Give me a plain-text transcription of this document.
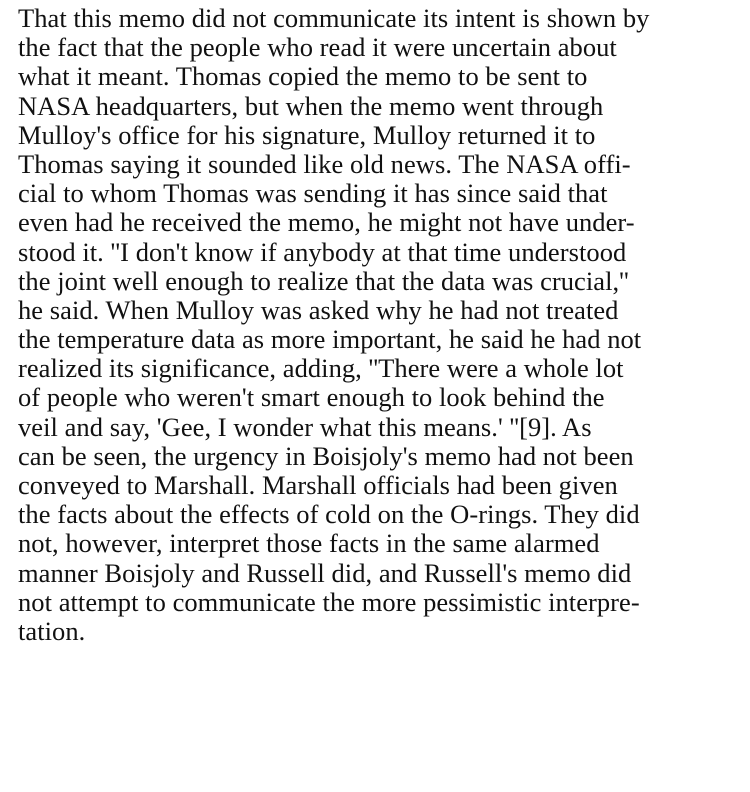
That this memo did not communicate its intent is shown by
the fact that the people who read it were uncertain about
what it meant. Thomas copied the memo to be sent to
NASA headquarters, but when the memo went through
Mulloy's office for his signature, Mulloy returned it to
Thomas saying it sounded like old news. The NASA offi-
cial to whom Thomas was sending it has since said that
even had he received the memo, he might not have under-
stood it. ''I don't know if anybody at that time understood
the joint well enough to realize that the data was crucial,''
he said. When Mulloy was asked why he had not treated
the temperature data as more important, he said he had not
realized its significance, adding, ''There were a whole lot
of people who weren't smart enough to look behind the
veil and say, 'Gee, I wonder what this means.' ''[9]. As
can be seen, the urgency in Boisjoly's memo had not been
conveyed to Marshall. Marshall officials had been given
the facts about the effects of cold on the O-rings. They did
not, however, interpret those facts in the same alarmed
manner Boisjoly and Russell did, and Russell's memo did
not attempt to communicate the more pessimistic interpre-
tation.
